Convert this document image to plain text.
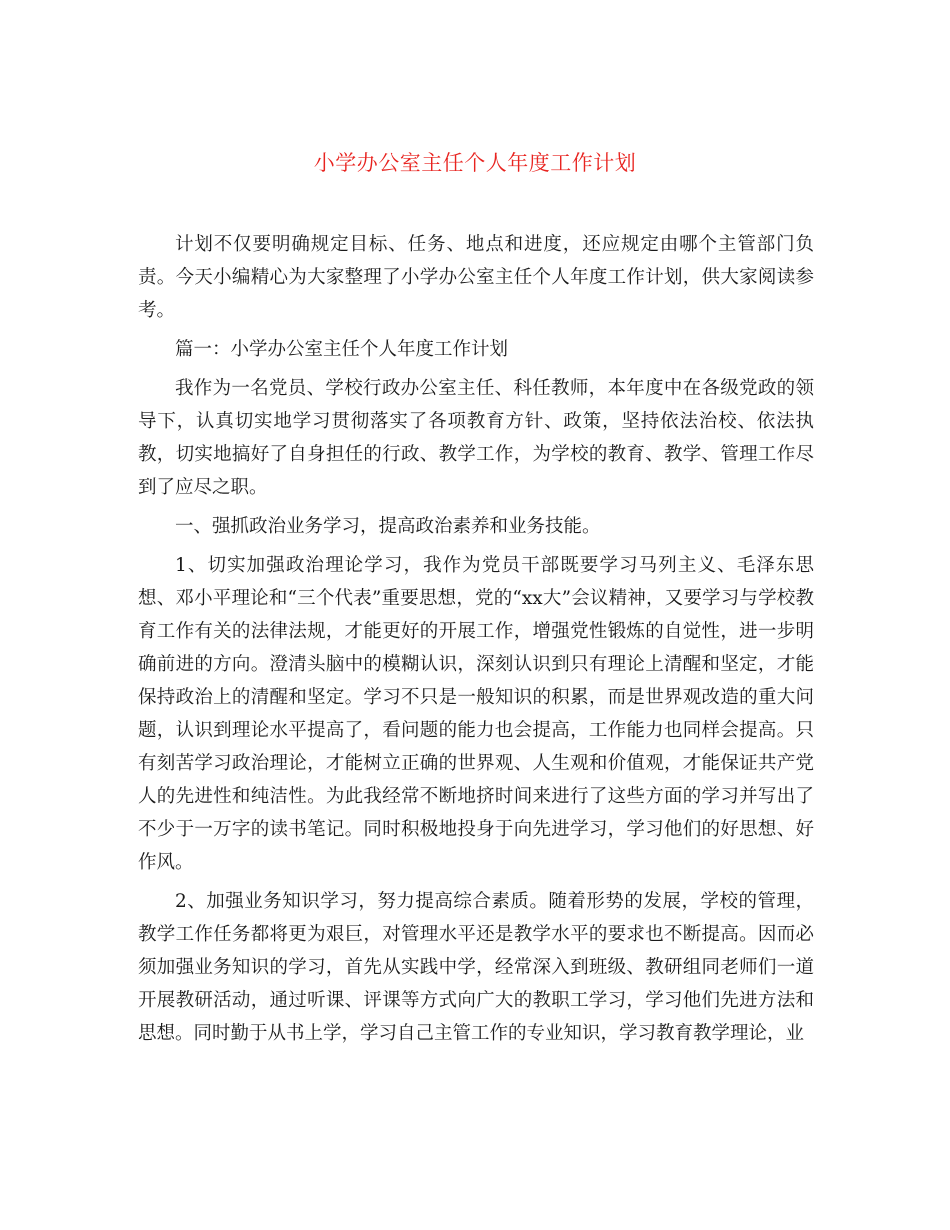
小学办公室主任个人年度工作计划

计划不仅要明确规定目标、任务、地点和进度，还应规定由哪个主管部门负责。今天小编精心为大家整理了小学办公室主任个人年度工作计划，供大家阅读参考。

篇一：小学办公室主任个人年度工作计划

我作为一名党员、学校行政办公室主任、科任教师，本年度中在各级党政的领导下，认真切实地学习贯彻落实了各项教育方针、政策，坚持依法治校、依法执教，切实地搞好了自身担任的行政、教学工作，为学校的教育、教学、管理工作尽到了应尽之职。

一、强抓政治业务学习，提高政治素养和业务技能。

1、切实加强政治理论学习，我作为党员干部既要学习马列主义、毛泽东思想、邓小平理论和“三个代表”重要思想，党的“xx大”会议精神，又要学习与学校教育工作有关的法律法规，才能更好的开展工作，增强党性锻炼的自觉性，进一步明确前进的方向。澄清头脑中的模糊认识，深刻认识到只有理论上清醒和坚定，才能保持政治上的清醒和坚定。学习不只是一般知识的积累，而是世界观改造的重大问题，认识到理论水平提高了，看问题的能力也会提高，工作能力也同样会提高。只有刻苦学习政治理论，才能树立正确的世界观、人生观和价值观，才能保证共产党人的先进性和纯洁性。为此我经常不断地挤时间来进行了这些方面的学习并写出了不少于一万字的读书笔记。同时积极地投身于向先进学习，学习他们的好思想、好作风。

2、加强业务知识学习，努力提高综合素质。随着形势的发展，学校的管理，教学工作任务都将更为艰巨，对管理水平还是教学水平的要求也不断提高。因而必须加强业务知识的学习，首先从实践中学，经常深入到班级、教研组同老师们一道开展教研活动，通过听课、评课等方式向广大的教职工学习，学习他们先进方法和思想。同时勤于从书上学，学习自己主管工作的专业知识，学习教育教学理论，业
